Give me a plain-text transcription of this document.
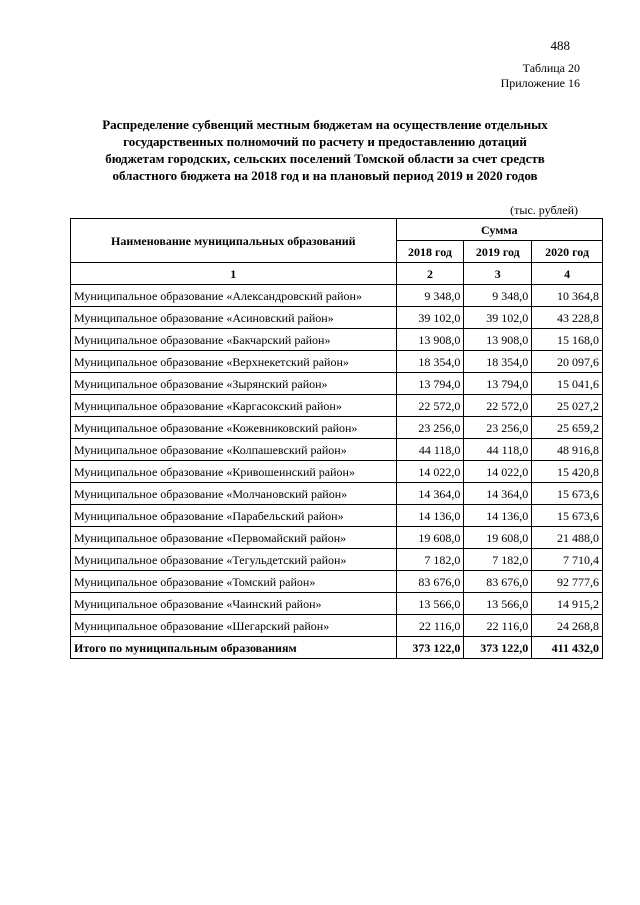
488
Таблица 20
Приложение 16
Распределение субвенций местным бюджетам на осуществление отдельных
государственных полномочий по расчету и предоставлению дотаций
бюджетам городских, сельских поселений Томской области за счет средств
областного бюджета на 2018 год и на плановый период 2019 и 2020 годов
(тыс. рублей)
Наименование муниципальных образований	Сумма		
	2018 год	2019 год	2020 год
1	2	3	4
Муниципальное образование «Александровский район»	9 348,0	9 348,0	10 364,8
Муниципальное образование «Асиновский район»	39 102,0	39 102,0	43 228,8
Муниципальное образование «Бакчарский район»	13 908,0	13 908,0	15 168,0
Муниципальное образование «Верхнекетский район»	18 354,0	18 354,0	20 097,6
Муниципальное образование «Зырянский район»	13 794,0	13 794,0	15 041,6
Муниципальное образование «Каргасокский район»	22 572,0	22 572,0	25 027,2
Муниципальное образование «Кожевниковский район»	23 256,0	23 256,0	25 659,2
Муниципальное образование «Колпашевский район»	44 118,0	44 118,0	48 916,8
Муниципальное образование «Кривошеинский район»	14 022,0	14 022,0	15 420,8
Муниципальное образование «Молчановский район»	14 364,0	14 364,0	15 673,6
Муниципальное образование «Парабельский район»	14 136,0	14 136,0	15 673,6
Муниципальное образование «Первомайский район»	19 608,0	19 608,0	21 488,0
Муниципальное образование «Тегульдетский район»	7 182,0	7 182,0	7 710,4
Муниципальное образование «Томский район»	83 676,0	83 676,0	92 777,6
Муниципальное образование «Чаинский район»	13 566,0	13 566,0	14 915,2
Муниципальное образование «Шегарский район»	22 116,0	22 116,0	24 268,8
Итого по муниципальным образованиям	373 122,0	373 122,0	411 432,0
